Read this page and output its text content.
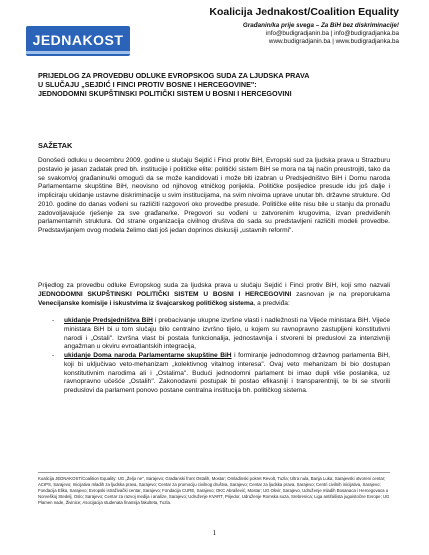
JEDNAKOST
Koalicija Jednakost/Coalition Equality
Građanin/ka prije svega – Za BiH bez diskriminacije!
info@budigradjanin.ba | info@budigradjanka.ba
www.budigradjanin.ba | www.budigradjanka.ba
PRIJEDLOG ZA PROVEDBU ODLUKE EVROPSKOG SUDA ZA LJUDSKA PRAVA
U SLUČAJU „SEJDIĆ I FINCI PROTIV BOSNE I HERCEGOVINE":
JEDNODOMNI SKUPŠTINSKI POLITIČKI SISTEM U BOSNI I HERCEGOVINI
SAŽETAK

Donošeći odluku u decembru 2009. godine u slučaju Sejdić i Finci protiv BiH, Evropski sud za ljudska prava u Strazburu postavio je jasan zadatak pred bh. institucije i političke elite: politički sistem BiH se mora na taj način preustrojiti, tako da se svakom/oj građaninu/ki omogući da se može kandidovati i može biti izabran u Predsjedništvo BiH i Domu naroda Parlamentarne skupštine BiH, neovisno od njihovog etničkog porijekla. Političke posljedice presude idu još dalje i impliciraju ukidanje ustavne diskriminacije u svim institucijama, na svim nivoima uprave unutar bh. državne strukture. Od 2010. godine do danas vođeni su različiti razgovori oko provedbe presude. Političke elite nisu bile u stanju da pronađu zadovoljavajuće rješenje za sve građane/ke. Pregovori su vođeni u zatvorenim krugovima, izvan predviđenih parlamentarnih struktura. Od strane organizacija civilnog društva do sada su predstavljeni različiti modeli provedbe. Predstavljanjem ovog modela želimo dati još jedan doprinos diskusiji „ustavnih reformi".

Prijedlog za provedbu odluke Evropskog suda za ljudska prava u slučaju Sejdić i Finci protiv BiH, koji smo nazvali JEDNODOMNI SKUPŠTINSKI POLITIČKI SISTEM U BOSNI I HERCEGOVINI zasnovan je na preporukama Venecijanske komisije i iskustvima iz švajcarskog političkog sistema, a predviđa:

- ukidanje Predsjedništva BiH i prebacivanje ukupne izvršne vlasti i nadležnosti na Vijeće ministara BiH. Vijeće ministara BiH bi u tom slučaju bilo centralno izvršno tijelo, u kojem su ravnopravno zastupljeni konstitutivni narodi i „Ostali". Izvršna vlast bi postala funkcionalija, jednostavnija i stvoreni bi preduslovi za intenzivniji angažman u okviru evroatlantskih integracija,
- ukidanje Doma naroda Parlamentarne skupštine BiH i formiranje jednodomnog državnog parlamenta BiH, koji bi uključivao veto-mehanizam „kolektivnog vitalnog interesa". Ovaj veto mehanizam bi bio dostupan konstitutivnim narodima ali i „Ostalima". Budući jednodomni parlament bi imao dupli više poslanika, uz ravnopravno učešće „Ostalih". Zakonodavni postupak bi postao efikasniji i transparentniji, te bi se stvorili preduslovi da parlament ponovo postane centralna institucija bh. političkog sistema.
Koalicija JEDNAKOST/Coalition Equality: UG „Željo ne", Sarajevo; Građanski front Ostalih, Mostar; Omladinski pokret Revolt, Tuzla; Ultra nula, Banja Luka; Sarajevski otvoreni centar; ACIPS, Sarajevo; Inicijativa mladih za ljudska prava, Sarajevo; Centar za promociju civilnog društva, Sarajevo; Centar za ljudska prava, Sarajevo; Centri civilnih inicijativa, Sarajevo; Fondacija Elika, Sarajevo; Evropski istraživački centar, Sarajevo; Fondacija CURE, Sarajevo; OKC Abrašević, Mostar; UG Okvir, Sarajevo, Udruženje mladih Bosanaca i Hercegovaca u Norveškoj Stedelj, Oslo; Sarajevo; Centar za razvoj medija i analize, Sarajevo; Udruženje KVART, Prijedor, Udruženje Romska suza, Srebrenica; Liga antifašista jugoistočne Evrope; UG Plamen nade, Živinice; Asocijacija studenata finansija fakulteta, Tuzla.
1
